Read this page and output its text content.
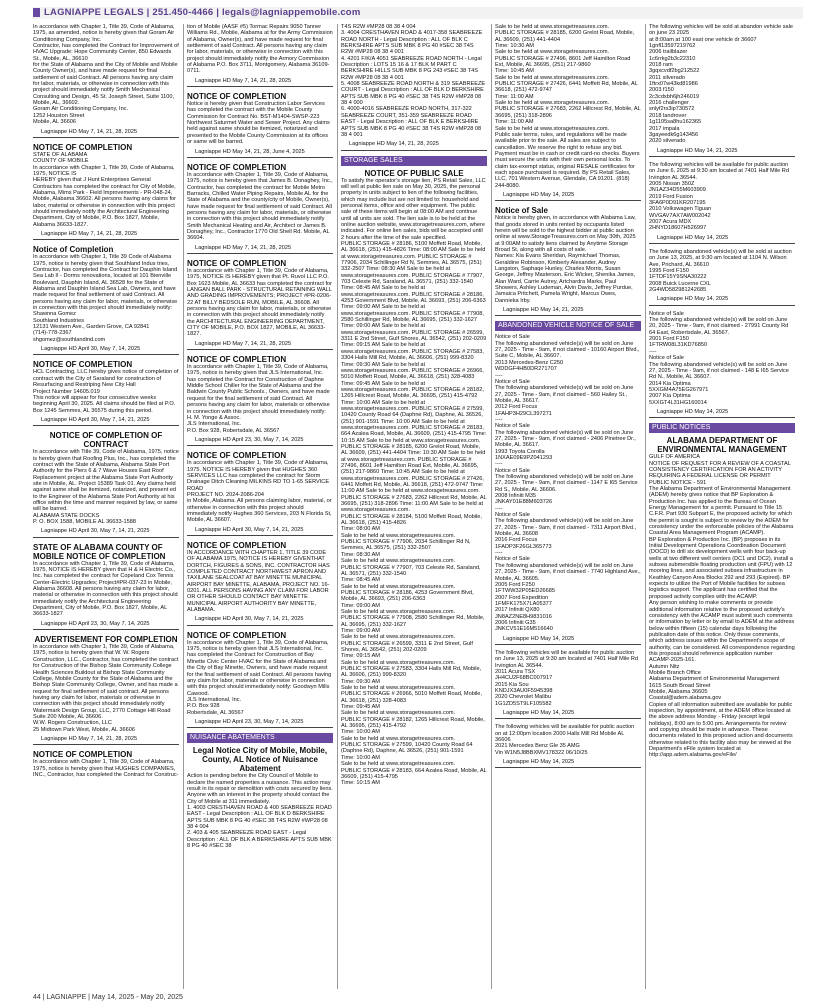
LAGNIAPPE LEGALS | 251.450-4466 | legals@lagniappemobile.com
In accordance with Chapter 1, Title 39, Code of Alabama, 1975, as amended, notice is hereby given that Goram Air Conditioning Company, Inc.
Contractor, has completed the Contract for Improvement of HVAC Upgrade: Hope Community Center, 850 Edwards St., Mobile, AL, 36610
for the State of Alabama and the City of Mobile and Mobile County Owner(s), and have made request for final settlement of said Contract. All persons having any claim for labor, materials, or otherwise in connection with this project should immediately notify Smith Mechanical Consulting and Design, 45 St. Joseph Street, Suite 1100, Mobile, AL, 36602.
Goram Air Conditioning Company, Inc.
1252 Houston Street
Mobile, AL 36606
Lagniappe HD May 7, 14, 21, 28, 2025
NOTICE OF COMPLETION
STATE OF ALABAMA
COUNTY OF MOBILE
In accordance with Chapter 1, Title 39, Code of Alabama, 1975, NOTICE IS
HEREBY given that J Hunt Enterprises General Contractors has completed the contract for City of Mobile, Alabama, Mims Park - Field Improvements - PR-048-24, Mobile, Alabama 36602. All persons having any claims for labor, material or otherwise in connection with this project should immediately notify the Architectural Engineering Department, City of Mobile, P.O. Box 1827, Mobile, Alabama 36633-1827.
Lagniappe HD May 7, 14, 21, 28, 2025
Notice of Completion
In accordance with Chapter 1, Title 39 Code of Alabama 1975, notice is hereby given that Southland Indus tries, Contractor, has completed the Contract for Dauphin Island Sea Lab II - Dorms renovations, located at 101 Bienville Boulevard, Dauphin Island, AL 36528 for the State of Alabama and Dauphin Island Sea Lab, Owners, and have made request for final settlement of said Contract. All persons having any claim for labor, materials, or otherwise in connection with this project should immediately notify:
Shawnna Gomez
Southland Industries
12131 Western Ave., Garden Grove, CA 92841
(714)-778-2367
shgomez@southlandind.com
Lagniappe HD April 30, May 7, 14, 2025
NOTICE OF COMPLETION
HCL Contracting, LLC hereby gives notice of completion of contract with the City of Saraland for construction of Resurfacing and Restriping New City Hall
Project Number 14605.019
This notice will appear for four consecutive weeks beginning April 30, 2025. All claims should be filed at P.O. Box 1245 Semmes, AL 36575 during this period.
Lagniappe HD April 30, May 7, 14, 21, 2025
NOTICE OF COMPLETION OF CONTRACT
In accordance with Title 39, Code of Alabama, 1975, notice is hereby given that Roofing Plus, Inc., has completed the contract with the State of Alabama, Alabama State Port Authority for the Piers 6 & 7 Wave Houses East Roof Replacement project at the Alabama State Port Authority site in Mobile, AL. Project 15389 Task 01. Any claims held against same shall be itemized, notarized, and present ed to the Engineer of the Alabama State Port Authority at his office within the time and manner required by law, or same will be barred.
ALABAMA STATE DOCKS
P. O. BOX 1588, MOBILE AL 36633-1588
Lagniappe HD April 30, May 7, 14, 21, 2025
STATE OF ALABAMA COUNTY OF MOBILE NOTICE OF COMPLETION
In accordance with Chapter 1, Title 39, Code of Alabama, 1975, NOTICE IS HEREBY given that H & H Electric Co., Inc. has completed the contract for Copeland Cox Tennis Center-Electric Upgrades; Project#PR-037-23 in Mobile, Alabama 36608. All persons having any claim for labor, material or otherwise in connection with this project should immediately notify the Architectural Engineering Department, City of Mobile, P.O. Box 1827, Mobile, AL 36633-1827
Lagniappe HD April 23, 30, May 7, 14, 2025
ADVERTISEMENT FOR COMPLETION
In accordance with Chapter 1, Title 39, Code of Alabama, 1975, notice is hereby given that W. W. Rogers Construction, LLC., Contractor, has completed the contract for Construction of the Bishop State Community College Health Sciences Buildout at Bishop State Community College, Mobile County for the State of Alabama and the Bishop State Community College, Owner, and has made a request for final settlement of said contract. All persons having any claim for labor, materials or otherwise in connection with this project should immediately notify Watermark Design Group, LLC, 2770 Cottage Hill Road Suite 200 Mobile, AL 36606.
W.W. Rogers Construction, LLC
25 Midtown Park West, Mobile, AL 36606
Lagniappe HD May 7, 14, 21, 28, 2025
NOTICE OF COMPLETION
In accordance with Chapter 1, Title 39, Code of Alabama, 1975, notice is hereby given that HUGHES COMPANIES, INC., Contractor, has completed the Contract for Construc-
tion of Mobile (AASF #5) Tormac Repairs 9050 Tanner Williams Rd., Mobile, Alabama at for the Army Commission of Alabama, Owner(s), and have made request for final settlement of said Contract. All persons having any claim for labor, materials, or otherwise in connection with this project should immediately notify the Armory Commission of Alabama P.O. Box 3711, Montgomery, Alabama 36109-0711.
Lagniappe HD May 7, 14, 21, 28, 2025
NOTICE OF COMPLETION
Notice is hereby given that Construction Labor Services has completed the contract with the Mobile County Commission for Contract No. BST-M1404-SWSP-223 Northwest Saturmet Water and Sewer Project. Any claims held against same should be itemized, notarized and presented to the Mobile County Commission at its offices or same will be barred.
Lagniappe HD May 14, 21, 28, June 4, 2025
NOTICE OF COMPLETION
In accordance with Chapter 1, Title 39, Code of Alabama, 1975, notice is hereby given that James B. Donaghey, Inc., Contractor, has completed the contract for Mobile Metro Barracks, Chilled Water Piping Repairs, Mobile AL for the State of Alabama and the county/city of Mobile, Owner(s), have made request for final settlement of said Contract. All persons having any claim for labor, materials, or otherwise in connection with this project should immediately notify Smith Mechanical Heating and Air, Architect or James B. Donaghey, Inc., Contractor 1770 Old Shell Rd. Mobile, AL 36604.
Lagniappe HD May 7, 14, 21, 28, 2025
NOTICE OF COMPLETION
In accordance with Chapter 1, Title 39, Code of Alabama, 1975, NOTICE IS HEREBY given that Pt. Ruvol LLC P.O. Box 1623 Mobile, AL 36633 has completed the contract for LANGAN BALL PARK - STRUCTURAL RETAINING WALL AND GRADING IMPROVEMENTS; PROJECT #PR-0206-22 AT BILLY BEDSOLE RUN, MOBILE, AL 36608. All persons having any claim for labor, materials, or otherwise in connection with this project should immediately notify the ARCHITECTURAL ENGINEERING DEPARTMENT, CITY OF MOBILE, P.O. BOX 1827, MOBILE, AL 36633-1827.
Lagniappe HD May 7, 14, 21, 28, 2025
NOTICE OF COMPLETION
In accordance with Chapter 1, Title 39, Code of Alabama, 1975, notice is hereby given that JLS International, Inc. has completed the Contract for Construction of Daphne Middle School Chiller for the State of Alabama and the Baldwin County Public Schools., Owners, and have made request for the final settlement of said Contract. All persons having any claim for labor, materials or otherwise in connection with this project should immediately notify: H. M. Yonge & Assoc.
JLS International, Inc.
P.O. Box 928, Robertsdale, AL 36567
Lagniappe HD April 23, 30, May 7, 14, 2025
NOTICE OF COMPLETION
In accordance with Chapter 1, Title 39, Code of Alabama, 1975. NOTICE IS HEREBY given that HUGHES 360 SERVICES LLC has completed the contract for Storm Drainage Ditch Cleaning MILKINS RD TO 1-65 SERVICE ROAD
PROJECT NO. 2024-2086-204
in Mobile, Alabama. All persons claiming labor, material, or otherwise in connection with this project should immediately notify Hughes 360 Services, 203 N Florida St, Mobile, AL 36607.
Lagniappe HD April 30, May 7, 14, 21, 2025
NOTICE OF COMPLETION
IN ACCORDANCE WITH CHAPTER 1, TITLE 39 CODE OF ALABAMA 1975, NOTICE IS HEREBY GIVENTHAT DORTCH, FIGURES & SONS, INC. CONTRACTOR HAS COMPLETED CONTRACT NORTHWEST APRON AND TAXILANE SEALCOAT AT BAY MINETTE MUNICIPAL AIRPORT BAY MINETTE, ALABAMA, PROJECT NO. 16-0201. ALL PERSONS HAVING ANY CLAIM FOR LABOR OR OTHER SHOULD CONTACT BAY MINETTE MUNICIPAL AIRPORT AUTHORITY BAY MINETTE, ALABAMA.
Lagniappe HD April 30, May 7, 14, 21, 2025
NOTICE OF COMPLETION
In accordance with Chapter 1, Title 39, Code of Alabama, 1975, notice is hereby given that JLS International, Inc. has completed the Contract for Construction of Bay Minette Civic Center HVAC for the State of Alabama and the City of Bay Minette, Owners, and have made request for the final settlement of said Contract. All persons having any claim for labor, materials or otherwise in connection with this project should immediately notify: Goodwyn Mills Cawood.
JLS International, Inc.
P.O. Box 928
Robertsdale, AL 36567
Lagniappe HD April 23, 30, May 7, 14, 2025
NUISANCE ABATEMENTS
Legal Notice City of Mobile, Mobile, County, AL Notice of Nuisance Abatement
Action is pending before the City Council of Mobile to declare the named properties a nuisance. This action may result in its repair or demolition with costs secured by liens. Anyone with an interest in the property should contact the City of Mobile at 311 immediately.
1. 4003 CRESTHAVEN ROAD & 400 SEABREEZE ROAD EAST - Legal Description : ALL OF BLK D BERKSHIRE APTS SUB MBK 8 PG 40 #SEC 38 T4S R2W #WP28 08 38 4 004
2. 403 & 405 SEABREEZE ROAD EAST - Legal Description : ALL OF BLK A BERKSHIRE APTS SUB MBK 8 PG 40 #SEC 38
T4S R2W #MP28 08 38 4 004
3. 4004 CRESTHAVEN ROAD & 4017-358 SEABREEZE ROAD NORTH - Legal Description : ALL OF BLK C BERKSHIRE APTS SUB MBK 8 PG 40 #SEC 38 T4S R2W #MP28 08 38 4 001
4. 4201 F/K/A 4051 SEABREEZE ROAD NORTH - Legal Description : LOTS 15 16 & 17 BLK M PART C BERKSHIRE HILLS SUB MBK 8 PG 243 #SEC 38 T4S R2W #MP28 08 38 4 001
5. 4008 SEABREEZE ROAD NORTH & 319 SEABREEZE COURT - Legal Description : ALL OF BLK D BERKSHIRE APTS SUB MBK 8 PG 40 #SEC 38 T4S R2W #MP28 08 38 4 000
6. 4000-4016 SEABREEZE ROAD NORTH, 317-322 SEABREEZE COURT, 351-359 SEABREEZE ROAD EAST - Legal Description : ALL OF BLK E BERKSHIRE APTS SUB MBK 8 PG 40 #SEC 38 T4S R2W #MP28 08 38 4 001
Lagniappe HD May 14, 21, 28, 2025
STORAGE SALES
NOTICE OF PUBLIC SALE
To satisfy the operator's storage lien, PS Retail Sales, LLC will sell at public lien sale on May 30, 2025, the personal property in units subject to lien of the following facilities, which may include but are not limited to: household and personal items, office and other equipment. The public sale of these items will begin at 08:00 AM and continue until all units are sold. The lien sale is to be held at the online auction website, www.storagetreasures.com, where indicated. For online lien sales, bids will be accepted until 2 hours after the time of the sale specified.
PUBLIC STORAGE # 28186, 5100 Moffett Road, Mobile, AL 36618, (251) 415-4826 Time: 08:00 AM Sale to be held at www.storagetreasures.com. PUBLIC STORAGE # 77906, 2034 Schillinger Rd N, Semmes, AL 36575, (251) 332-2507 Time: 08:30 AM Sale to be held at www.storagetreasures.com. PUBLIC STORAGE # 77907, 703 Celeste Rd, Saraland, AL 36571, (251) 332-1540 Time: 08:45 AM Sale to be held at www.storagetreasures.com. PUBLIC STORAGE # 28186, 4253 Government Blvd, Mobile, AL 36693, (251) 206-6363 Time: 09:00 AM Sale to be held at www.storagetreasures.com. PUBLIC STORAGE # 77908, 2580 Schillinger Rd, Mobile, AL 36695, (251) 332-1627 Time: 09:00 AM Sale to be held at www.storagetreasures.com. PUBLIC STORAGE # 26599, 3311 E 2nd Street, Gulf Shores, AL 36542, (251) 202-0209 Time: 09:15 AM Sale to be held at www.storagetreasures.com. PUBLIC STORAGE # 27583, 3304 Halls Mill Rd, Mobile, AL 36606, (251) 999-8320 Time: 09:30 AM Sale to be held at www.storagetreasures.com. PUBLIC STORAGE # 26966, 5010 Moffett Road, Mobile, AL 36618, (251) 328-4083 Time: 09:45 AM Sale to be held at www.storagetreasures.com. PUBLIC STORAGE # 28182, 1265 Hillcrest Road, Mobile, AL 36695, (251) 415-4792 Time: 10:00 AM Sale to be held at www.storagetreasures.com. PUBLIC STORAGE # 27599, 10420 County Road 64 (Daphne Rd), Daphne, AL 36526, (251) 901-1591 Time: 10:00 AM Sale to be held at www.storagetreasures.com. PUBLIC STORAGE # 28183, 664 Azalea Road, Mobile, AL 36609, (251) 415-4795 Time: 10:15 AM Sale to be held at www.storagetreasures.com. PUBLIC STORAGE # 28185, 6200 Grelot Road, Mobile, AL 36609, (251) 441-4404 Time: 10:30 AM Sale to be held at www.storagetreasures.com. PUBLIC STORAGE # 27496, 8601 Jeff Hamilton Road Ext, Mobile, AL 36695, (251) 217-9860 Time: 10:45 AM Sale to be held at www.storagetreasures.com. PUBLIC STORAGE # 27426, 6441 Moffett Rd, Mobile, AL 36618, (251) 472-9747 Time: 11:00 AM Sale to be held at www.storagetreasures.com. PUBLIC STORAGE # 27683, 2262 Hillcrest Rd, Mobile, AL 36695, (251) 318-2896 Time: 11:00 AM Sale to be held at www.storagetreasures.com.
PUBLIC STORAGE # 28184, 5100 Moffett Road, Mobile, AL 36618, (251) 415-4826
Time: 08:00 AM
Sale to be held at www.storagetreasures.com.
PUBLIC STORAGE # 77906, 2034 Schillinger Rd N, Semmes, AL 36575, (251) 332-2507
Time: 08:30 AM
Sale to be held at www.storagetreasures.com.
PUBLIC STORAGE # 77907, 703 Celeste Rd, Saraland, AL 36571, (251) 332-1540
Time: 08:45 AM
Sale to be held at www.storagetreasures.com.
PUBLIC STORAGE # 28186, 4253 Government Blvd, Mobile, AL 36693, (251) 206-6363
Time: 09:00 AM
Sale to be held at www.storagetreasures.com.
PUBLIC STORAGE # 77908, 2580 Schillinger Rd, Mobile, AL 36695, (251) 332-1627
Time: 09:00 AM
Sale to be held at www.storagetreasures.com.
PUBLIC STORAGE # 26599, 3311 E 2nd Street, Gulf Shores, AL 36542, (251) 202-0209
Time: 09:15 AM
Sale to be held at www.storagetreasures.com.
PUBLIC STORAGE # 27583, 3304 Halls Mill Rd, Mobile, AL 36606, (251) 999-8320
Time: 09:30 AM
Sale to be held at www.storagetreasures.com.
PUBLIC STORAGE # 26966, 5010 Moffett Road, Mobile, AL 36618, (251) 328-4083
Time: 09:45 AM
Sale to be held at www.storagetreasures.com.
PUBLIC STORAGE # 28182, 1265 Hillcrest Road, Mobile, AL 36695, (251) 415-4792
Time: 10:00 AM
Sale to be held at www.storagetreasures.com.
PUBLIC STORAGE # 27599, 10420 County Road 64 (Daphne Rd), Daphne, AL 36526, (251) 901-1591
Time: 10:00 AM
Sale to be held at www.storagetreasures.com.
PUBLIC STORAGE # 28183, 664 Azalea Road, Mobile, AL 36609, (251) 415-4795
Time: 10:15 AM
Sale to be held at www.storagetreasures.com.
PUBLIC STORAGE # 28185, 6200 Grelot Road, Mobile, AL 36609, (251) 441-4404
Time: 10:30 AM
Sale to be held at www.storagetreasures.com.
PUBLIC STORAGE # 27496, 8601 Jeff Hamilton Road Ext, Mobile, AL 36695, (251) 217-9860
Time: 10:45 AM
Sale to be held at www.storagetreasures.com.
PUBLIC STORAGE # 27426, 6441 Moffett Rd, Mobile, AL 36618, (251) 472-9747
Time: 11:00 AM
Sale to be held at www.storagetreasures.com.
PUBLIC STORAGE # 27683, 2262 Hillcrest Rd, Mobile, AL 36695, (251) 318-2896
Time: 11:00 AM
Sale to be held at www.storagetreasures.com.
Public sale terms, rules, and regulations will be made available prior to the sale. All sales are subject to cancellation. We reserve the right to refuse any bid. Payment must be in cash or credit card-no checks. Buyers must secure the units with their own personal locks. To claim tax-exempt status, original RESALE certificates for each space purchased is required. By PS Retail Sales, LLC, 701 Western Avenue, Glendale, CA 91201. (818) 244-8080.
Lagniappe HD May 14, 2025
Notice of Sale
Notice is hereby given, in accordance with Alabama Law, that goods stored in units rented by occupants listed herein will be sold to the highest bidder at public auction online at www.StorageTreasures.com on May 30th, 2025 at 9:00AM to satisfy liens claimed by Anytime Storage Broad St, along with all costs of sale.
Names: Kia Evans Sheridan, Raymichael Thomas, Geraldine Robinson, Kimberly Alexander, Audrey Langston, Saphaqe Hunley, Charles Morris, Susan George, Jeffrey Masterson, Eric Wicker, Shenika James, Alan Ward, Carrie Autrey, Artchardra Marks, Paul Showers, Ashley Ludeman, Alvin Davis, Jeffrey Purdue, Jamaica Pritchett, Pamela Wright, Marcus Owes, Dannieka Irby.
Lagniappe HD May 14, 21, 2025
ABANDONED VEHICLE NOTICE OF SALE
Notice of Sale
The following abandoned vehicle(s) will be sold on June 27, 2025 - Time - 9am, if not claimed - 10160 Airport Blvd., Suite C, Mobile, AL 36607.
2013 Mercedes-Benz C250
WDDGF4HB0DR271707
----
Notice of Sale
The following abandoned vehicle(s) will be sold on June 27, 2025 - Time - 9am, if not claimed - 560 Hailey St., Mobile, AL 36617.
2012 Ford Focus
1FAHP3H29CL397271
----
Notice of Sale
The following abandoned vehicle(s) will be sold on June 27, 2025 - Time - 9am, if not claimed - 2406 Pinetree Dr., Mobile, AL 36617.
1993 Toyota Corolla
1NXAE09E9PZ041293
----
Notice of Sale
The following abandoned vehicle(s) will be sold on June 27, 2025 - Time - 9am, if not claimed - 1147 E I65 Service Rd S., Mobile, AL 36606.
2008 Infiniti M35
JNKAY01E88M603726
----
Notice of Sale
The following abandoned vehicle(s) will be sold on June 27, 2025 - Time - 9am, if not claimed - 7311 Airport Blvd., Mobile, AL 36608
2016 Ford Focus
1FADP3F26GL365773
----
Notice of Sale
The following abandoned vehicle(s) will be sold on June 27, 2025 - Time - 9am, if not claimed - 7740 Highland Ave., Mobile, AL 36605.
2005 Ford F250
1FTWW32P05ED26685
2007 Ford Expedition
1FMFK175X7LA05377
2017 Infiniti QX80
JN8AZ2NE8H9831016
2006 Infiniti G35
JNKCV51E16M516640
Lagniappe HD May 14, 2025
The following vehicles will be available for public auction on June 13, 2025 at 9:30 am located at 7401 Half Mile Rd Irvington AL 36544.
2011 Acura TSX
JH4CU2F68BC007917
2015 Kia Sou
KNDJX3AU0F5945398
2020 Chevrolet Malibu
1G1ZD5ST9LF105582
Lagniappe HD May 14, 2025
The following vehicles will be available for public auction on at 12:00pm location 2000 Halls Mill Rd Mobile AL 36606
2021 Mercedes Benz Gle 35 AMG
Vin W1N5J8BBXMV178322 06/10/25
Lagniappe HD May 14, 2025
The following vehicles will be sold at abandon vehicle sale on june 23 2025
at 8:00am at 100 east one vehicle dr 36607
1gnfl13597219762
2006 trailblazer
1c6rrkg2b3c22310
2018 ram
3gqxcvdf2bg212522
2011 silverado
1ftrx07w43kd81986
2003 f150
2c3cdxbh6jh246019
2016 challenger
snlyf2rs3ip730572
2018 landrover
1g1105sa8hu162365
2017 impala
3gayeedk6g143456
2020 silverado
Lagniappe HD May 14, 21, 2025
The following vehicles will be available for public auction on June 6, 2025 at 9:30 am located at 7401 Half Mile Rd Irvington AL 36544.
2005 Nissan 350Z
JN1AZ34D55M603909
2019 Ford Fusion
3FA6P0D91KR207195
2010 Volkswagen Tiguan
WVGAV7AX7AW002042
2007 Acura MDX
2HNYD18607H526997
Lagniappe HD May 14, 2025
The following abandoned vehicle(s) will be sold at auction on June 13, 2025, at 9:30 am located at 1104 N. Wilson Ave, Prichard, AL 36610
1995 Ford F150
1FTDF15Y9SNA30222
2008 Buick Lucerne CXL
2G4WD582981242685
Lagniappe HD May 14, 2025
Notice of Sale
The following abandoned vehicle(s) will be sold on June 20, 2025 - Time - 9am, if not claimed - 27991 County Rd 64 East, Robertsdale, AL 36567.
2001 Ford F150
1FTRW08L31KD76850
----
Notice of Sale
The following abandoned vehicle(s) will be sold on June 27, 2025 - Time - 9am, if not claimed - 148 E I65 Service Rd N., Mobile, AL 36607.
2014 Kia Optima
5XXGM4A75EG267971
2007 Kia Optima
5XXGT4L31HG160014
Lagniappe HD May 14, 2025
PUBLIC NOTICES
ALABAMA DEPARTMENT OF ENVIRONMENTAL MANAGEMENT
GULF OF AMERICA
NOTICE OF REQUEST FOR A REVIEW OF A COASTAL CONSISTENCY CERTIFICATION FOR AN ACTIVITY REQUIRING A FEDERAL LICENSE OR PERMIT
PUBLIC NOTICE - 591
The Alabama Department of Environmental Management (ADEM) hereby gives notice that BP Exploration & Production Inc. has applied to the Bureau of Ocean Energy Management for a permit. Pursuant to Title 15 C.F.R. Part 930 Subpart E, the proposed activity for which the permit is sought is subject to review by the ADEM for consistency under the enforceable policies of the Alabama Coastal Area Management Program (ACAMP).
BP Exploration & Production Inc. (BP) proposes in its Initial Development Operations Coordination Document (DOCD) to drill six development wells with four back-up wells at two different well centers (DC1 and DC2), install a subsea submersible floating production unit (FPU) with 12 mooring lines, and associated subsea infrastructure in Keathley Canyon Area Blocks 292 and 293 (Expired). BP expects to utilize the Port of Mobile facilities for subsea logistics support. The applicant has certified that the proposed activity complies with the ACAMP.
Any person wishing to make comments or provide additional information relative to the proposed activity's consistency with the ACAMP must submit such comments or information by letter or by email to ADEM at the address below within fifteen (15) calendar days following the publication date of this notice. Only those comments, which address issues within the Department's scope of authority, can be considered. All correspondence regarding this proposal should reference application number ACAMP-2025-161.
Autumn Nitz
Mobile Branch Office
Alabama Department of Environmental Management
1615 South Broad Street
Mobile, Alabama 36605
Coastal@adem.alabama.gov
Copies of all information submitted are available for public inspection, by appointment, at the ADEM office located at the above address Monday - Friday (except legal holidays), 8:00 am to 5:00 pm. Arrangements for review and copying should be made in advance. These documents related to this proposed action and documents otherwise related to this facility also may be viewed at the Department's eFile system located at http://app.adem.alabama.gov/eFile/
44 | LAGNIAPPE | May 14, 2025 - May 20, 2025
